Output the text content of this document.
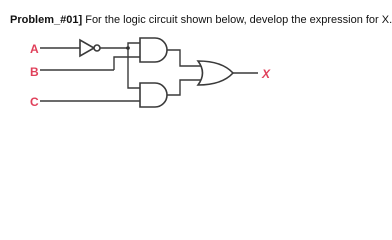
Problem_#01] For the logic circuit shown below, develop the expression for X.
A
B
C
X
